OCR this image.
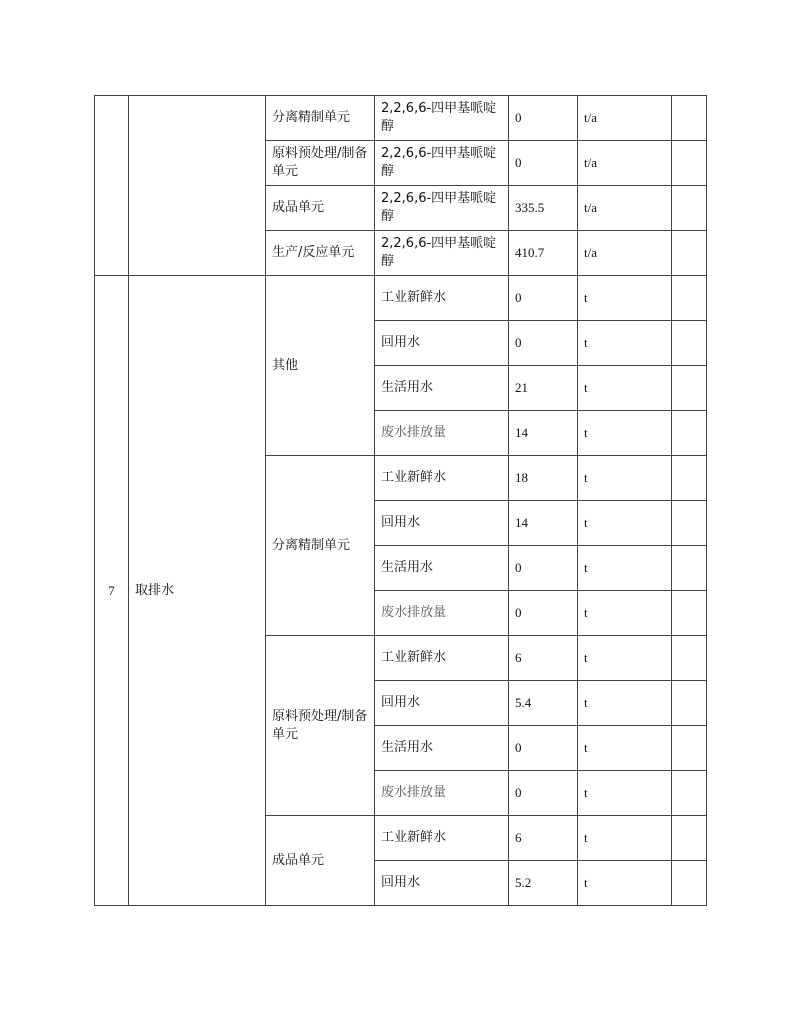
		分离精制单元	2,2,6,6-四甲基哌啶醇	0	t/a	
		原料预处理/制备单元	2,2,6,6-四甲基哌啶醇	0	t/a	
		成品单元	2,2,6,6-四甲基哌啶醇	335.5	t/a	
		生产/反应单元	2,2,6,6-四甲基哌啶醇	410.7	t/a	
7	取排水	其他	工业新鲜水	0	t	
			回用水	0	t	
			生活用水	21	t	
			废水排放量	14	t	
		分离精制单元	工业新鲜水	18	t	
			回用水	14	t	
			生活用水	0	t	
			废水排放量	0	t	
		原料预处理/制备单元	工业新鲜水	6	t	
			回用水	5.4	t	
			生活用水	0	t	
			废水排放量	0	t	
		成品单元	工业新鲜水	6	t	
			回用水	5.2	t	
